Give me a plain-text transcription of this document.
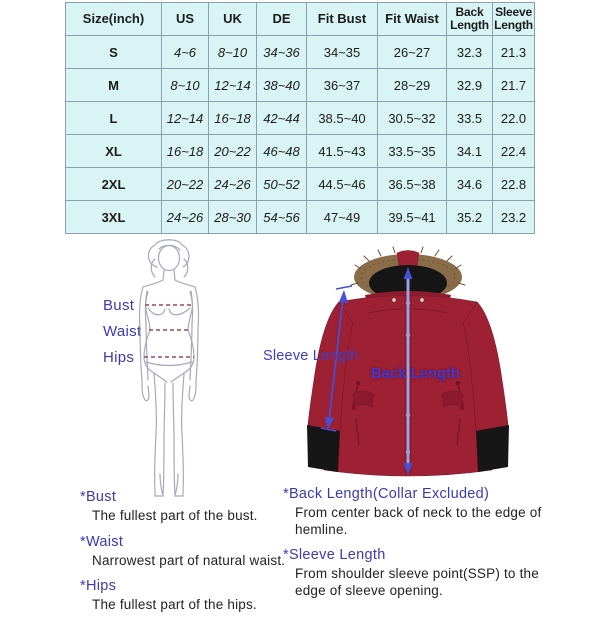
Size(inch)	US	UK	DE	Fit Bust	Fit Waist	Back Length	Sleeve Length
S	4~6	8~10	34~36	34~35	26~27	32.3	21.3
M	8~10	12~14	38~40	36~37	28~29	32.9	21.7
L	12~14	16~18	42~44	38.5~40	30.5~32	33.5	22.0
XL	16~18	20~22	46~48	41.5~43	33.5~35	34.1	22.4
2XL	20~22	24~26	50~52	44.5~46	36.5~38	34.6	22.8
3XL	24~26	28~30	54~56	47~49	39.5~41	35.2	23.2
Bust
Waist
Hips	Sleeve Length
Back Length
*Bust
The fullest part of the bust.
*Waist
Narrowest part of natural waist.
*Hips
The fullest part of the hips.
*Back Length(Collar Excluded)
From center back of neck to the edge of hemline.
*Sleeve Length
From shoulder sleeve point(SSP) to the edge of sleeve opening.
